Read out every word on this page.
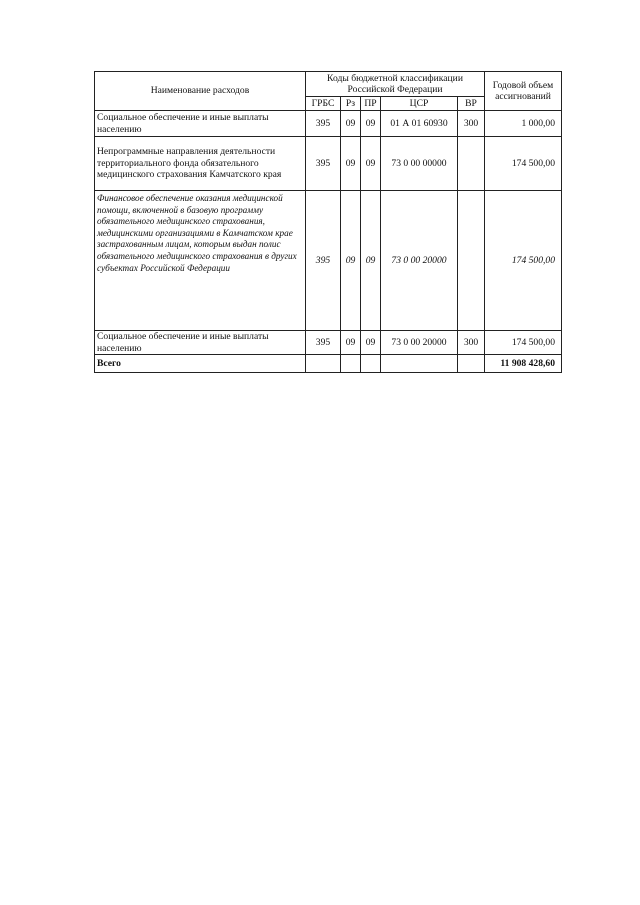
Наименование расходов	Коды бюджетной классификации Российской Федерации					Годовой объем ассигнований
	ГРБС	Рз	ПР	ЦСР	ВР	
Социальное обеспечение и иные выплаты населению	395	09	09	01 А 01 60930	300	1 000,00
Непрограммные направления деятельности территориального фонда обязательного медицинского страхования Камчатского края	395	09	09	73 0 00 00000		174 500,00
Финансовое обеспечение оказания медицинской помощи, включенной в базовую программу обязательного медицинского страхования, медицинскими организациями в Камчатском крае застрахованным лицам, которым выдан полис обязательного медицинского страхования в других субъектах Российской Федерации	395	09	09	73 0 00 20000		174 500,00
Социальное обеспечение и иные выплаты населению	395	09	09	73 0 00 20000	300	174 500,00
Всего						11 908 428,60
